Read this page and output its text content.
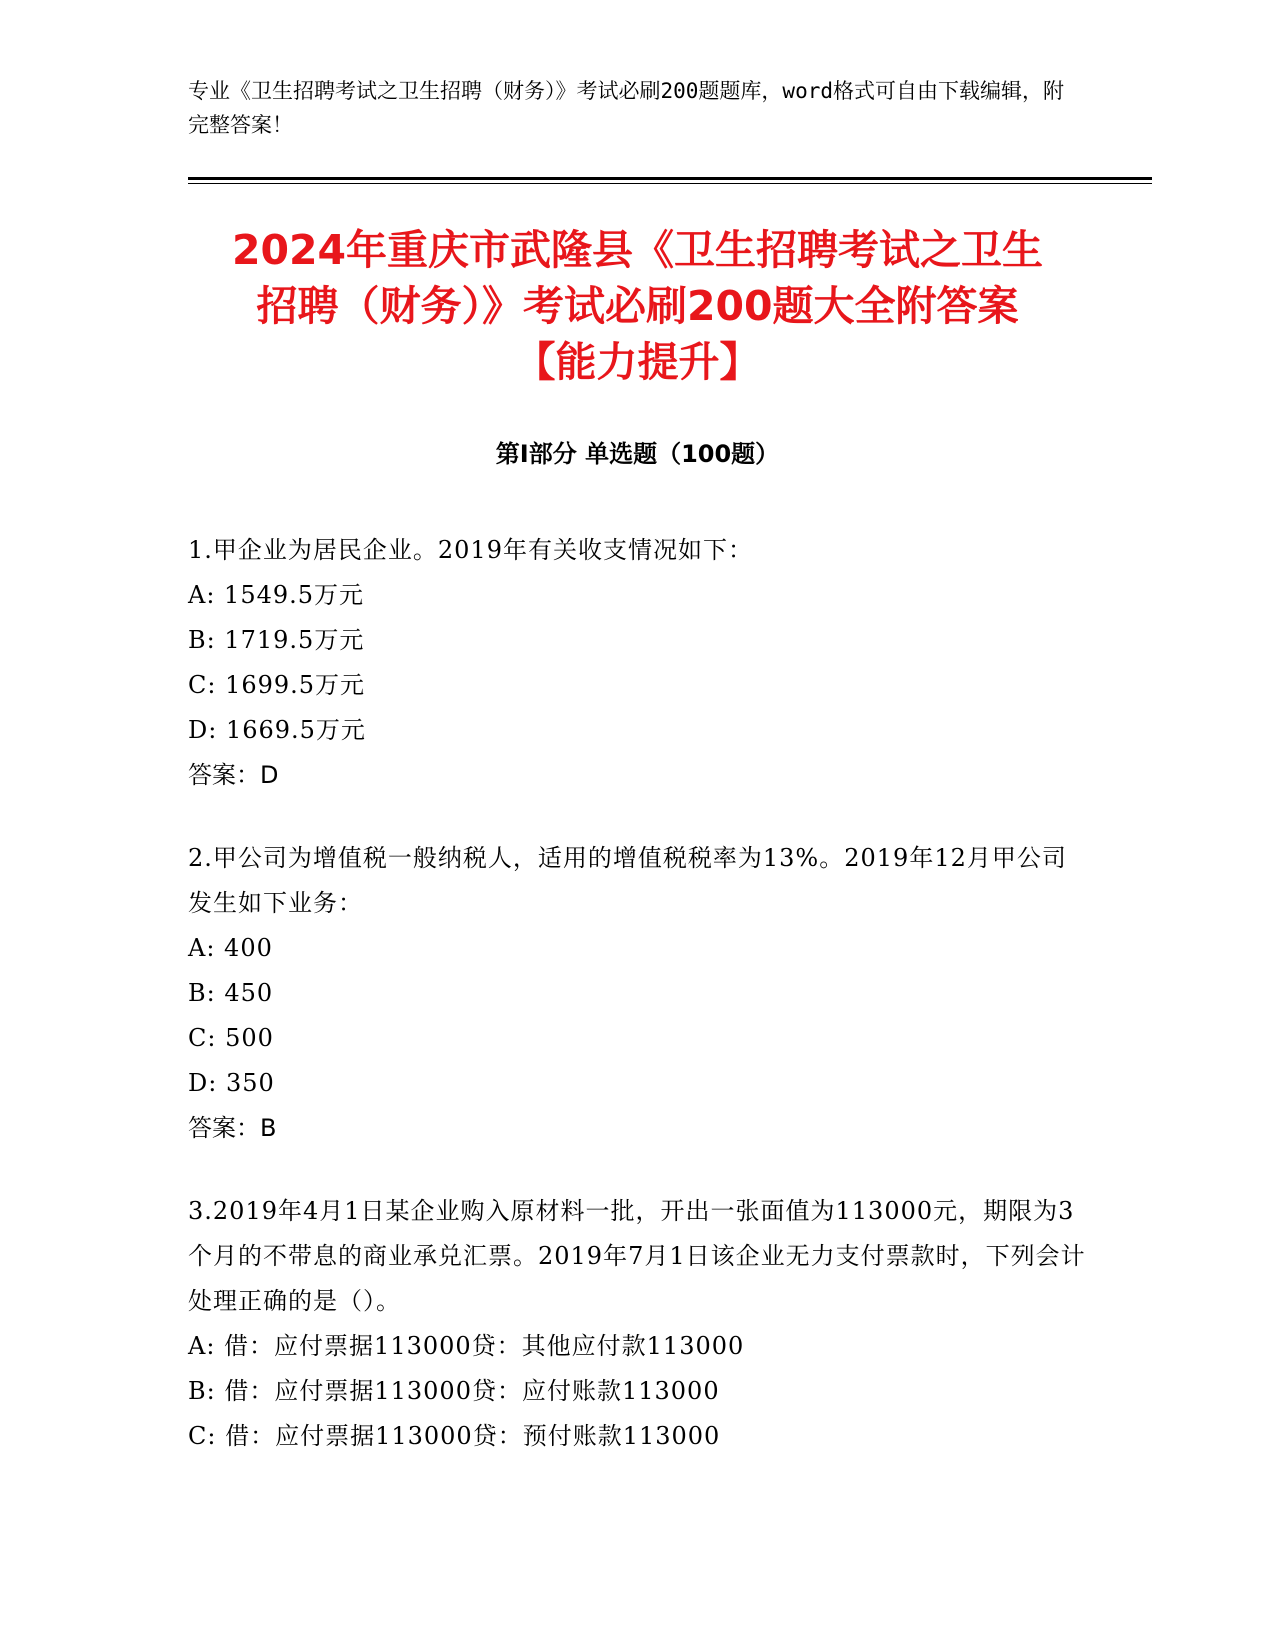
专业《卫生招聘考试之卫生招聘（财务）》考试必刷200题题库，word格式可自由下载编辑，附完整答案！

2024年重庆市武隆县《卫生招聘考试之卫生
招聘（财务）》考试必刷200题大全附答案
【能力提升】
第I部分 单选题（100题）

1.甲企业为居民企业。2019年有关收支情况如下：

A: 1549.5万元

B: 1719.5万元

C: 1699.5万元

D: 1669.5万元

答案：D

2.甲公司为增值税一般纳税人，适用的增值税税率为13%。2019年12月甲公司发生如下业务：

A: 400

B: 450

C: 500

D: 350

答案：B

3.2019年4月1日某企业购入原材料一批，开出一张面值为113000元，期限为3个月的不带息的商业承兑汇票。2019年7月1日该企业无力支付票款时，下列会计处理正确的是（）。

A: 借：应付票据113000贷：其他应付款113000

B: 借：应付票据113000贷：应付账款113000

C: 借：应付票据113000贷：预付账款113000
